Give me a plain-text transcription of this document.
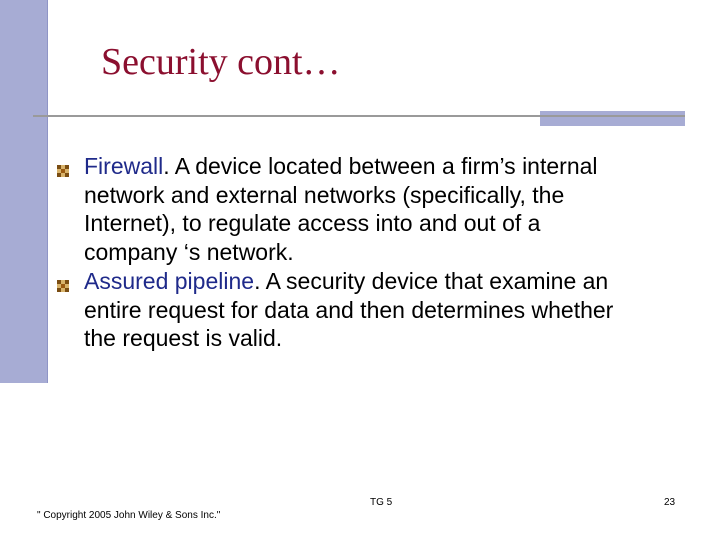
Security cont…
Firewall. A device located between a firm’s internal network and external networks (specifically, the Internet), to regulate access into and out of a company ‘s network.
Assured pipeline. A security device that examine an entire request for data and then determines whether the request is valid.
" Copyright 2005 John Wiley & Sons Inc."
TG 5	23
